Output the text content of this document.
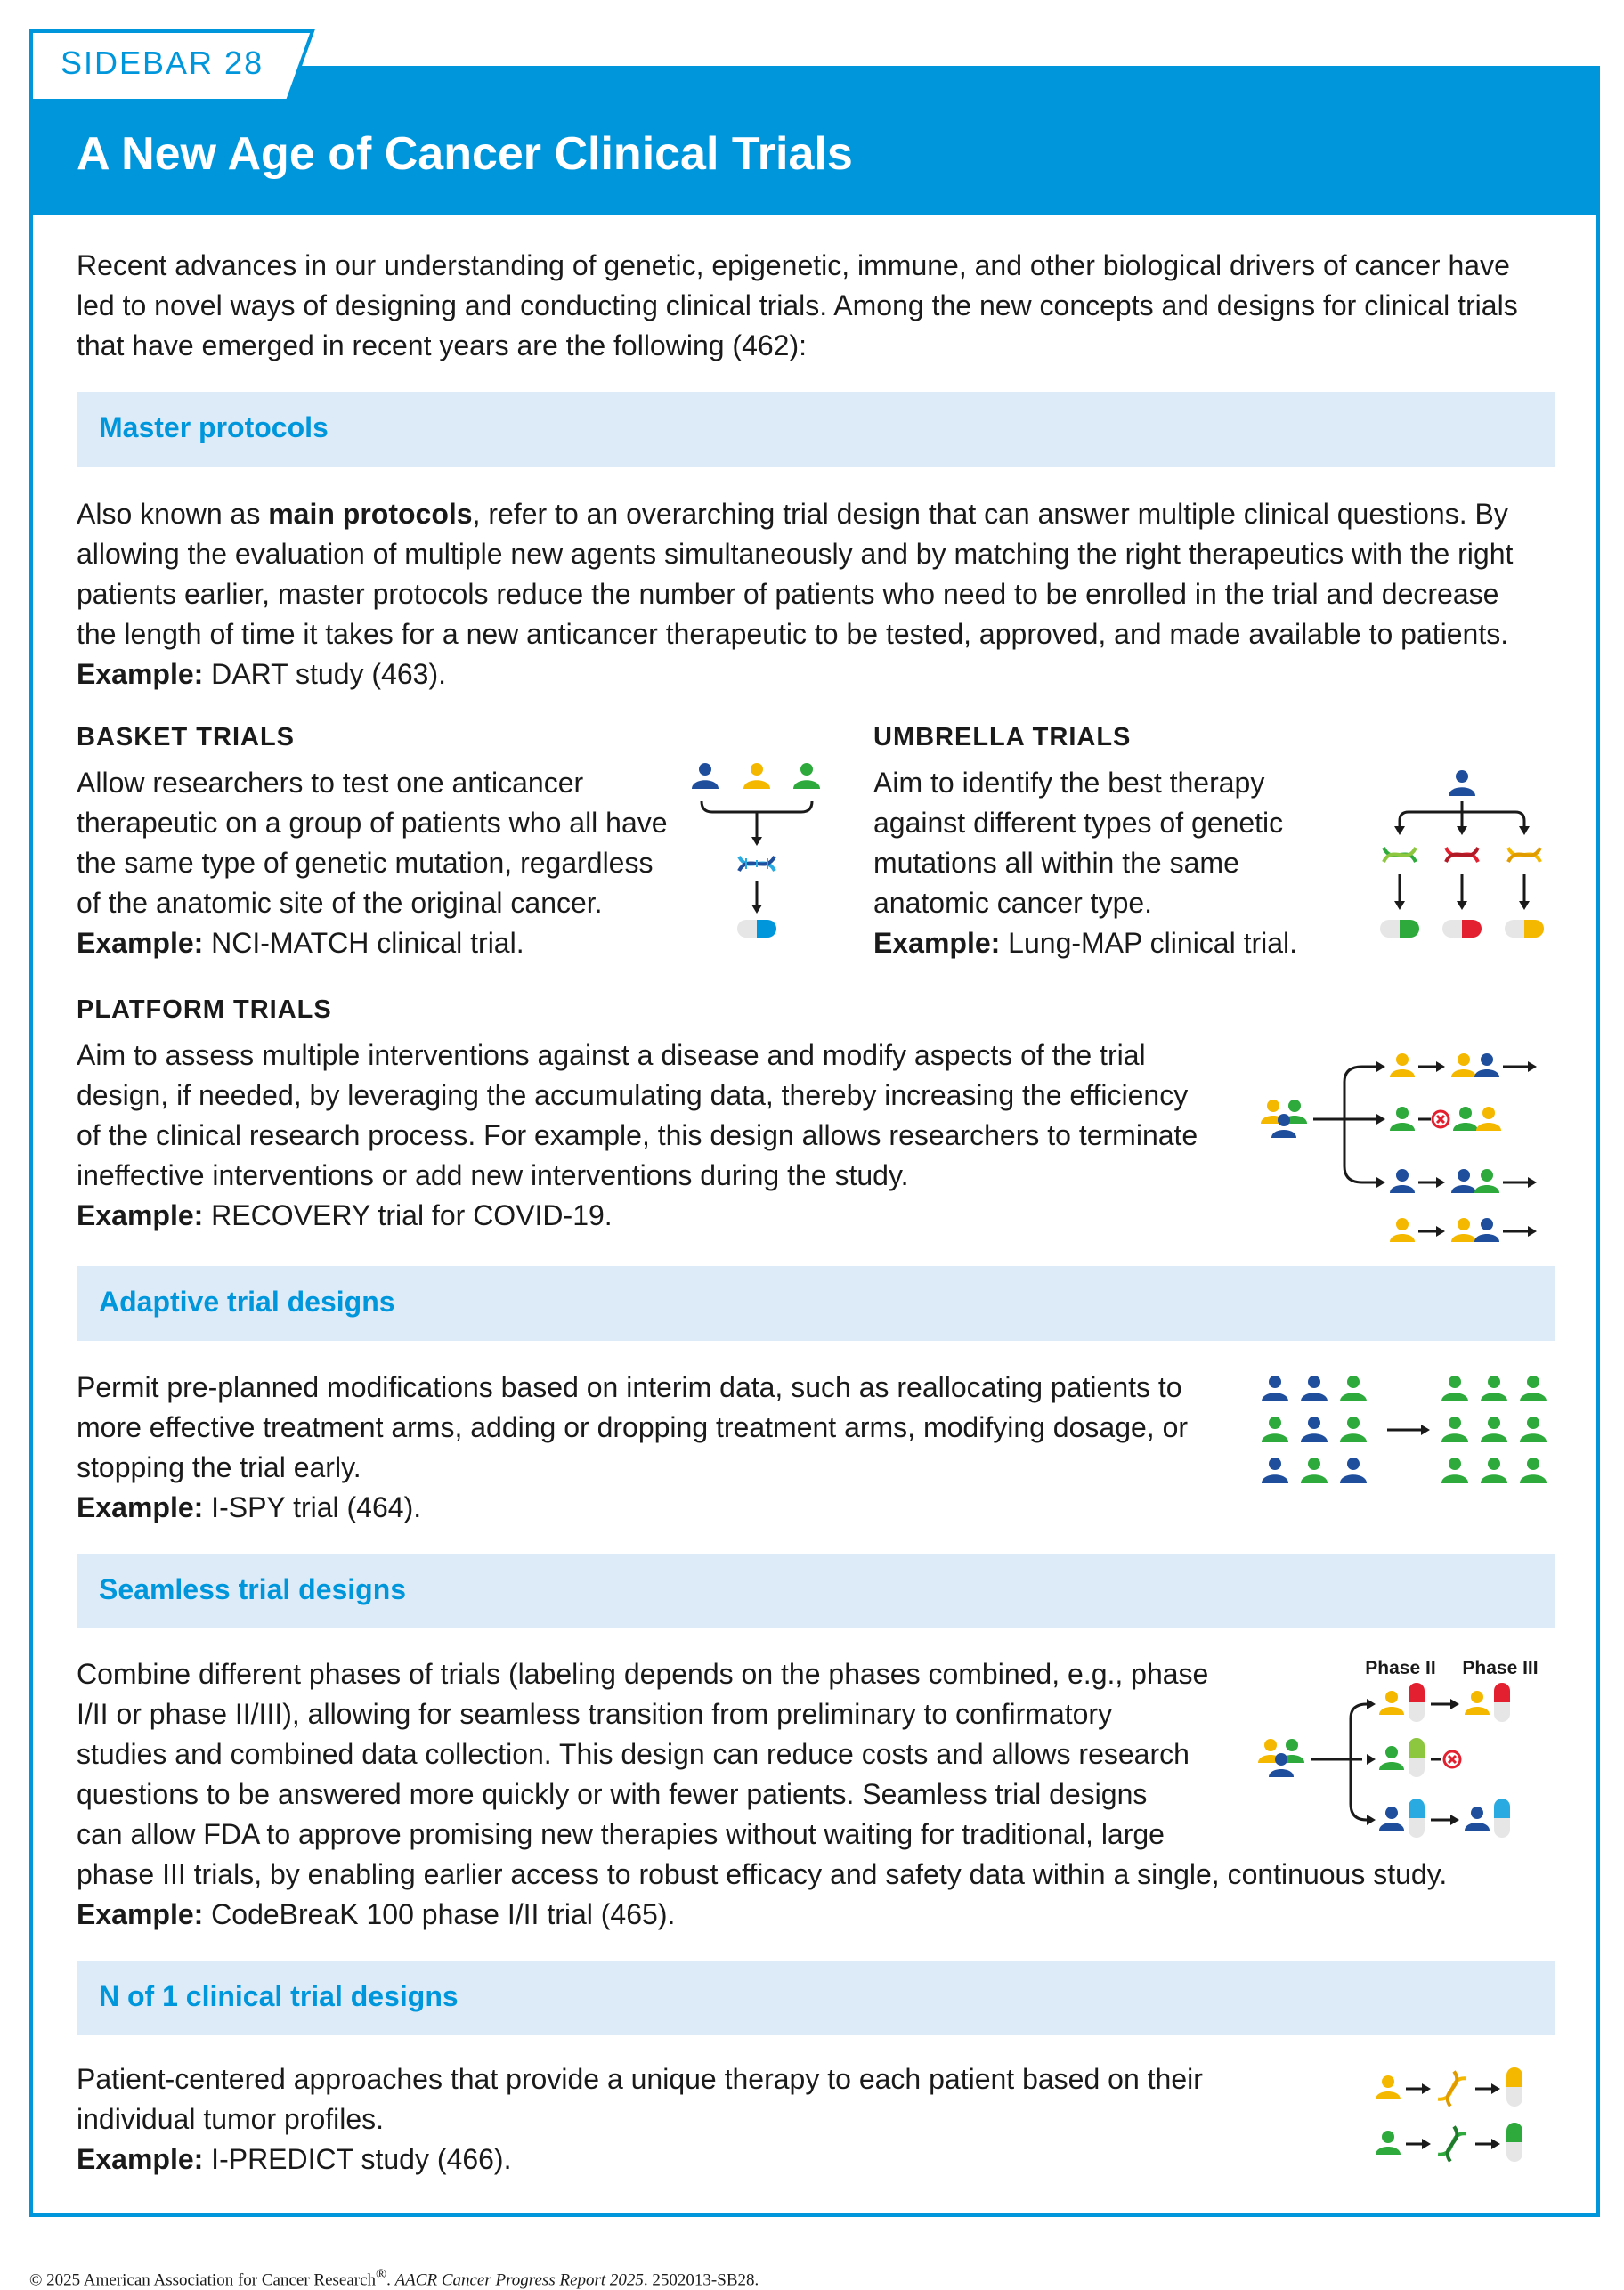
SIDEBAR 28
A New Age of Cancer Clinical Trials
Recent advances in our understanding of genetic, epigenetic, immune, and other biological drivers of cancer have
led to novel ways of designing and conducting clinical trials. Among the new concepts and designs for clinical trials
that have emerged in recent years are the following (462):
Master protocols
Also known as main protocols, refer to an overarching trial design that can answer multiple clinical questions. By
allowing the evaluation of multiple new agents simultaneously and by matching the right therapeutics with the right
patients earlier, master protocols reduce the number of patients who need to be enrolled in the trial and decrease
the length of time it takes for a new anticancer therapeutic to be tested, approved, and made available to patients.
Example: DART study (463).
BASKET TRIALS
Allow researchers to test one anticancer
therapeutic on a group of patients who all have
the same type of genetic mutation, regardless
of the anatomic site of the original cancer.
Example: NCI-MATCH clinical trial.
UMBRELLA TRIALS
Aim to identify the best therapy
against different types of genetic
mutations all within the same
anatomic cancer type.
Example: Lung-MAP clinical trial.
PLATFORM TRIALS
Aim to assess multiple interventions against a disease and modify aspects of the trial
design, if needed, by leveraging the accumulating data, thereby increasing the efficiency
of the clinical research process. For example, this design allows researchers to terminate
ineffective interventions or add new interventions during the study.
Example: RECOVERY trial for COVID-19.
Adaptive trial designs
Permit pre-planned modifications based on interim data, such as reallocating patients to
more effective treatment arms, adding or dropping treatment arms, modifying dosage, or
stopping the trial early.
Example: I-SPY trial (464).
Seamless trial designs
Combine different phases of trials (labeling depends on the phases combined, e.g., phase
I/II or phase II/III), allowing for seamless transition from preliminary to confirmatory
studies and combined data collection. This design can reduce costs and allows research
questions to be answered more quickly or with fewer patients. Seamless trial designs
can allow FDA to approve promising new therapies without waiting for traditional, large
phase III trials, by enabling earlier access to robust efficacy and safety data within a single, continuous study.
Example: CodeBreaK 100 phase I/II trial (465).
Phase II Phase III
N of 1 clinical trial designs
Patient-centered approaches that provide a unique therapy to each patient based on their
individual tumor profiles.
Example: I-PREDICT study (466).
© 2025 American Association for Cancer Research®. AACR Cancer Progress Report 2025. 2502013-SB28.
